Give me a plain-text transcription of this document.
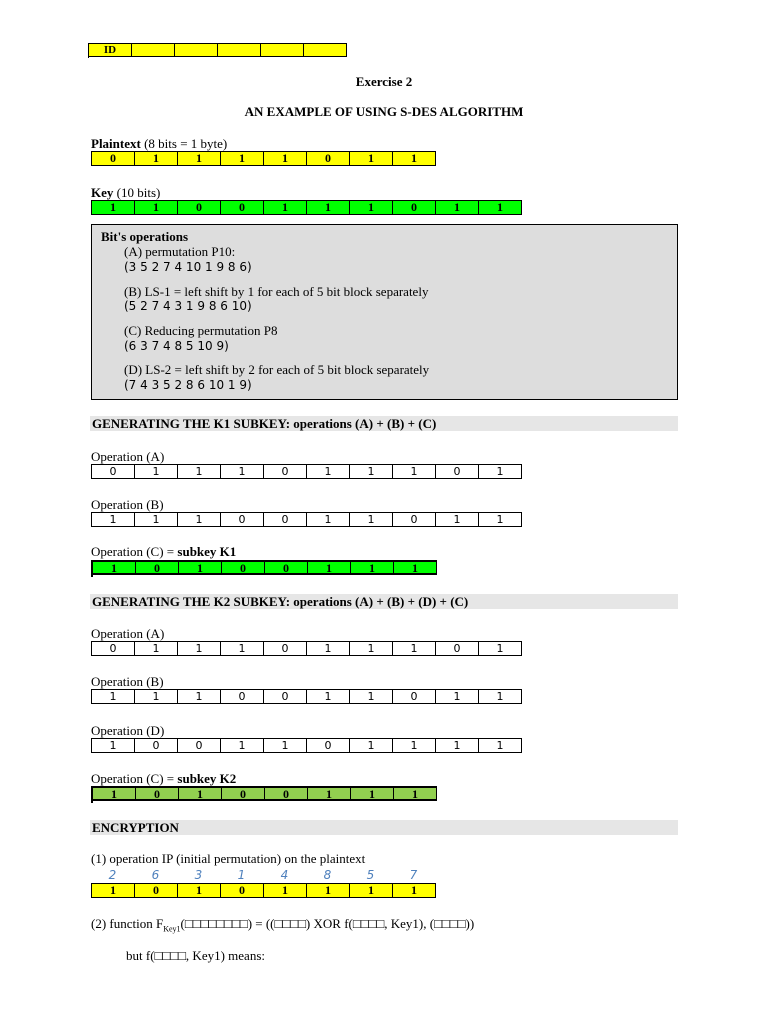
ID
Exercise 2
AN EXAMPLE OF USING S-DES ALGORITHM
Plaintext (8 bits = 1 byte)
0	1	1	1	1	0	1	1
Key (10 bits)
1	1	0	0	1	1	1	0	1	1
Bit's operations
(A) permutation P10:
(3 5 2 7 4 10 1 9 8 6)
(B) LS-1 = left shift by 1 for each of 5 bit block separately
(5 2 7 4 3 1 9 8 6 10)
(C) Reducing permutation P8
(6 3 7 4 8 5 10 9)
(D) LS-2 = left shift by 2 for each of 5 bit block separately
(7 4 3 5 2 8 6 10 1 9)
GENERATING THE K1 SUBKEY: operations (A) + (B) + (C)
Operation (A)
0	1	1	1	0	1	1	1	0	1
Operation (B)
1	1	1	0	0	1	1	0	1	1
Operation (C) = subkey K1
1	0	1	0	0	1	1	1
GENERATING THE K2 SUBKEY: operations (A) + (B) + (D) + (C)
Operation (A)
0	1	1	1	0	1	1	1	0	1
Operation (B)
1	1	1	0	0	1	1	0	1	1
Operation (D)
1	0	0	1	1	0	1	1	1	1
Operation (C) = subkey K2
1	0	1	0	0	1	1	1
ENCRYPTION
(1) operation IP (initial permutation) on the plaintext
2	6	3	1	4	8	5	7
1	0	1	0	1	1	1	1
(2) function $F_{Key1}(□□□□□□□□)$ = ((□□□□) XOR f(□□□□, Key1), (□□□□))
but f(□□□□, Key1) means:
